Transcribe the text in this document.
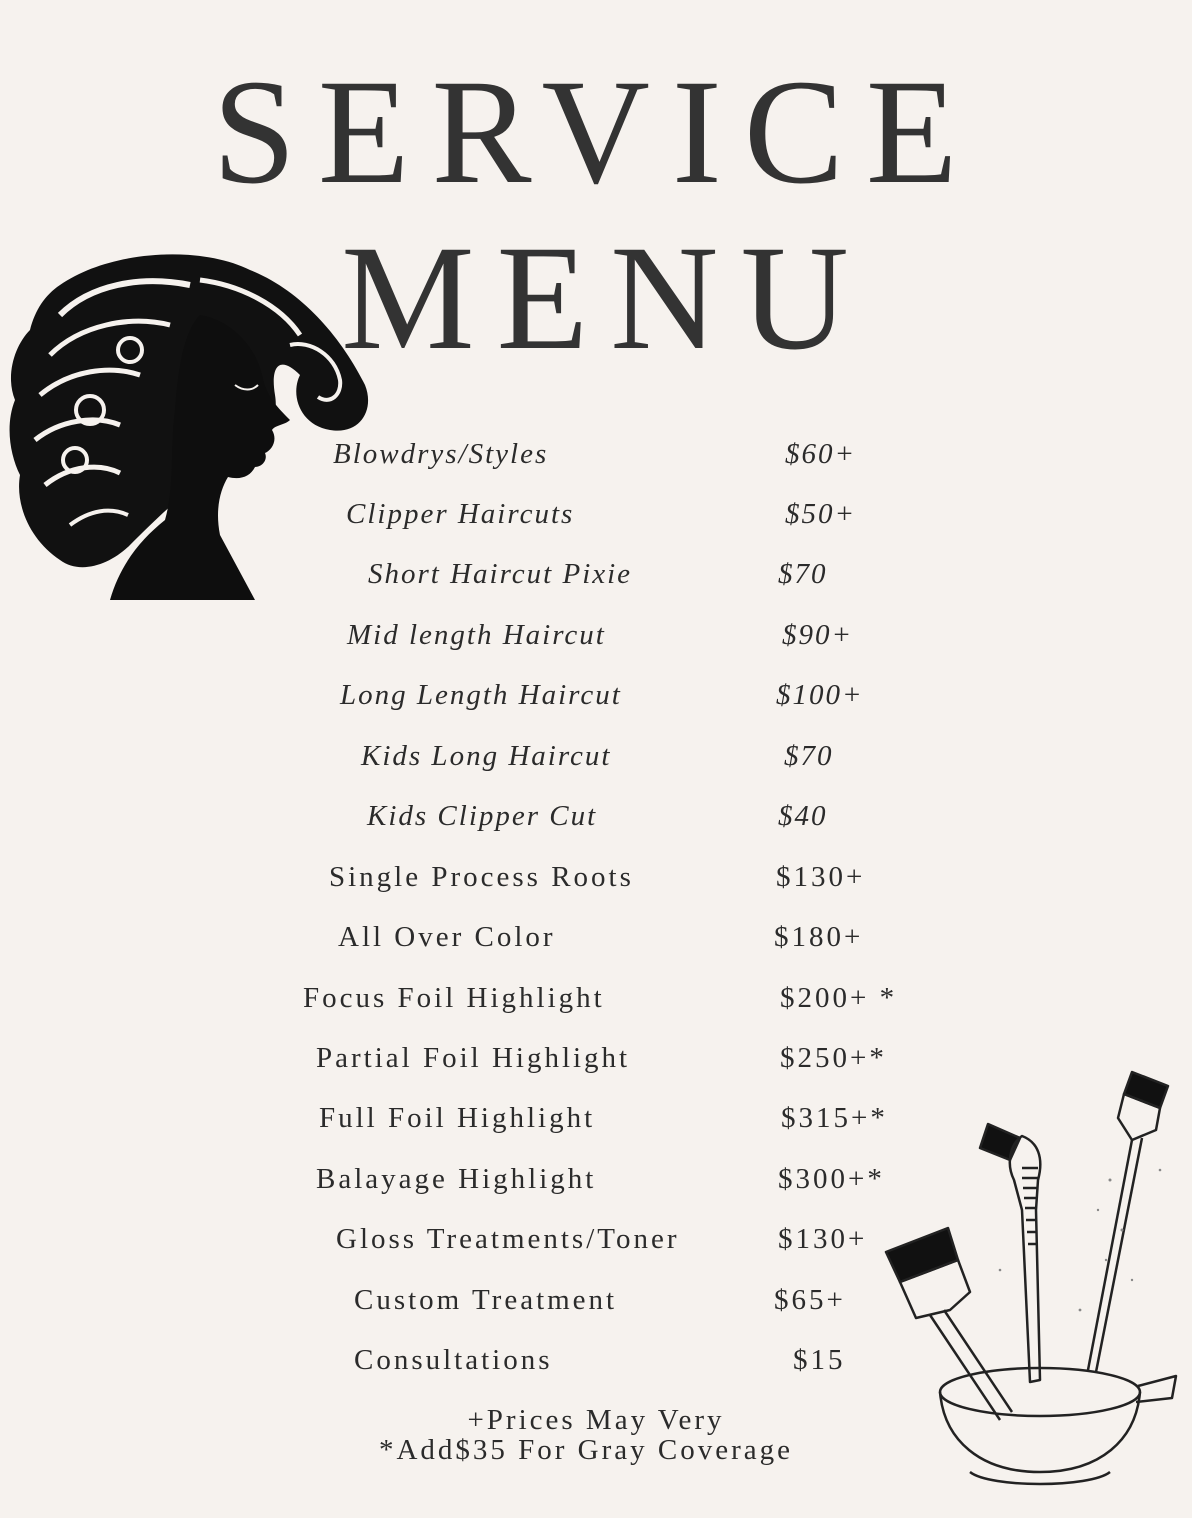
SERVICE
MENU
Blowdrys/Styles	$60+
Clipper Haircuts	$50+
Short Haircut Pixie	$70
Mid length Haircut	$90+
Long Length Haircut	$100+
Kids Long Haircut	$70
Kids Clipper Cut	$40
Single Process Roots	$130+
All Over Color	$180+
Focus Foil Highlight	$200+ *
Partial Foil Highlight	$250+*
Full Foil Highlight	$315+*
Balayage Highlight	$300+*
Gloss Treatments/Toner	$130+
Custom Treatment	$65+
Consultations	$15
+Prices May Very
*Add$35 For Gray Coverage
